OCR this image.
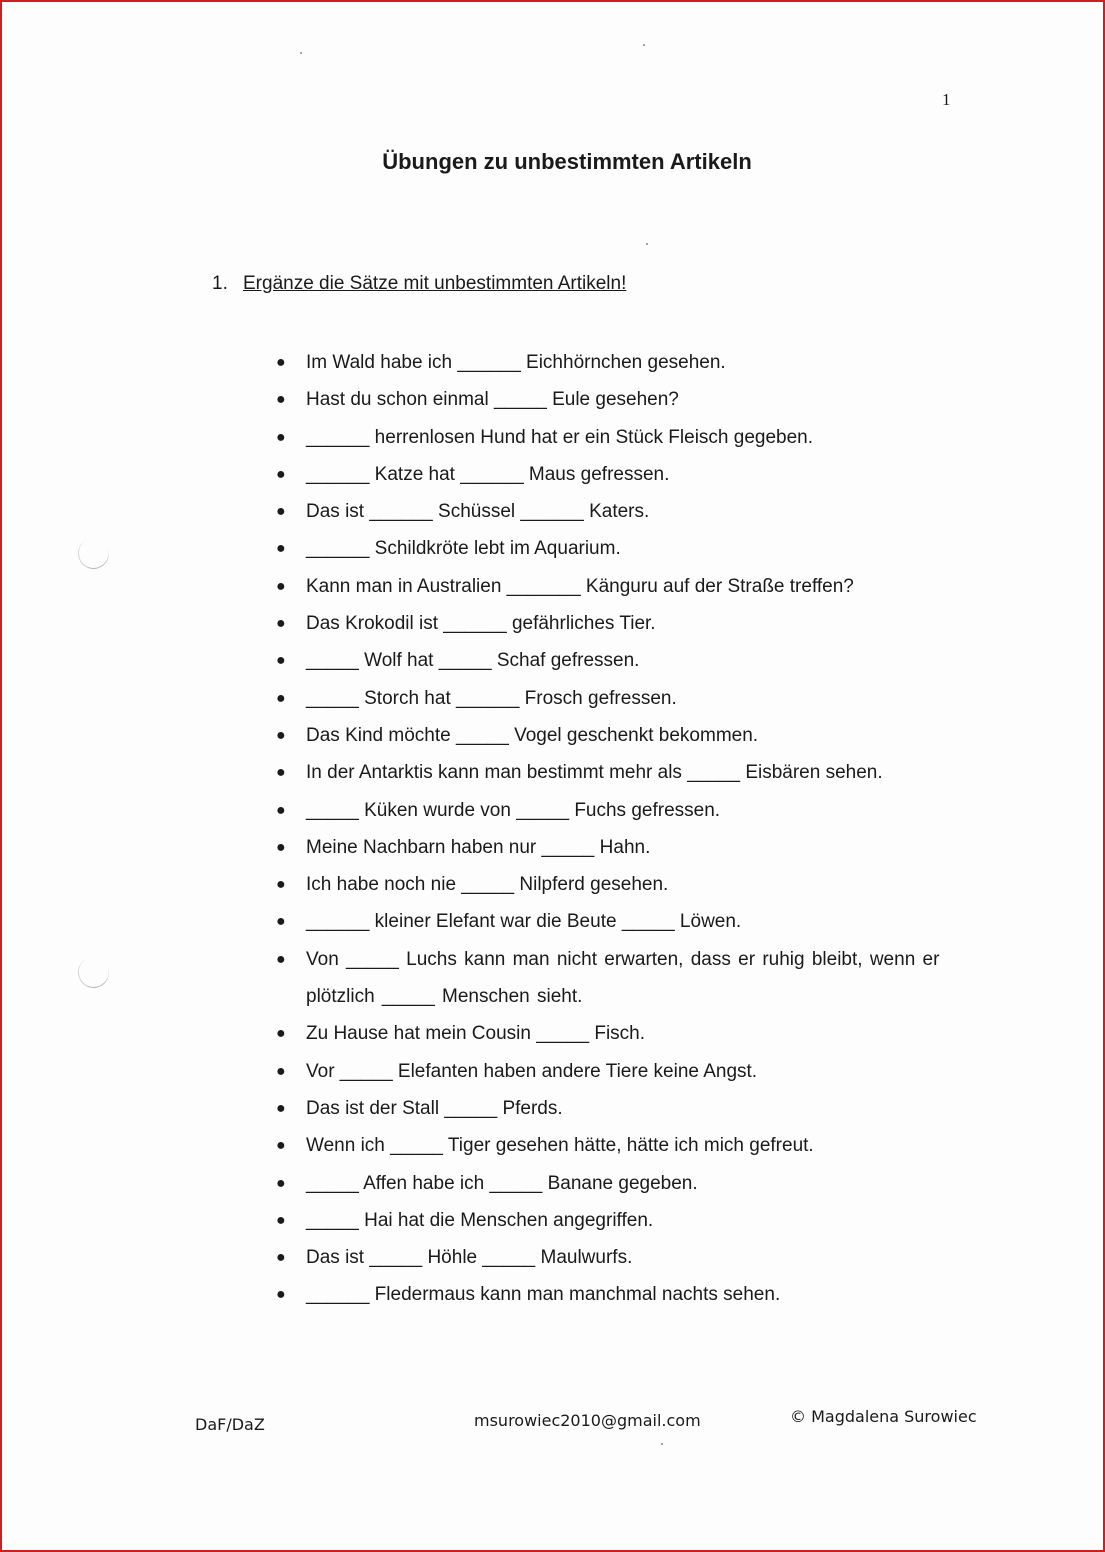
1
Übungen zu unbestimmten Artikeln
1. Ergänze die Sätze mit unbestimmten Artikeln!
● Im Wald habe ich ______ Eichhörnchen gesehen.
● Hast du schon einmal _____ Eule gesehen?
● ______ herrenlosen Hund hat er ein Stück Fleisch gegeben.
● ______ Katze hat ______ Maus gefressen.
● Das ist ______ Schüssel ______ Katers.
● ______ Schildkröte lebt im Aquarium.
● Kann man in Australien _______ Känguru auf der Straße treffen?
● Das Krokodil ist ______ gefährliches Tier.
● _____ Wolf hat _____ Schaf gefressen.
● _____ Storch hat ______ Frosch gefressen.
● Das Kind möchte _____ Vogel geschenkt bekommen.
● In der Antarktis kann man bestimmt mehr als _____ Eisbären sehen.
● _____ Küken wurde von _____ Fuchs gefressen.
● Meine Nachbarn haben nur _____ Hahn.
● Ich habe noch nie _____ Nilpferd gesehen.
● ______ kleiner Elefant war die Beute _____ Löwen.
● Von _____ Luchs kann man nicht erwarten, dass er ruhig bleibt, wenn er plötzlich _____ Menschen sieht.
● Zu Hause hat mein Cousin _____ Fisch.
● Vor _____ Elefanten haben andere Tiere keine Angst.
● Das ist der Stall _____ Pferds.
● Wenn ich _____ Tiger gesehen hätte, hätte ich mich gefreut.
● _____ Affen habe ich _____ Banane gegeben.
● _____ Hai hat die Menschen angegriffen.
● Das ist _____ Höhle _____ Maulwurfs.
● ______ Fledermaus kann man manchmal nachts sehen.
DaF/DaZ	msurowiec2010@gmail.com	© Magdalena Surowiec
